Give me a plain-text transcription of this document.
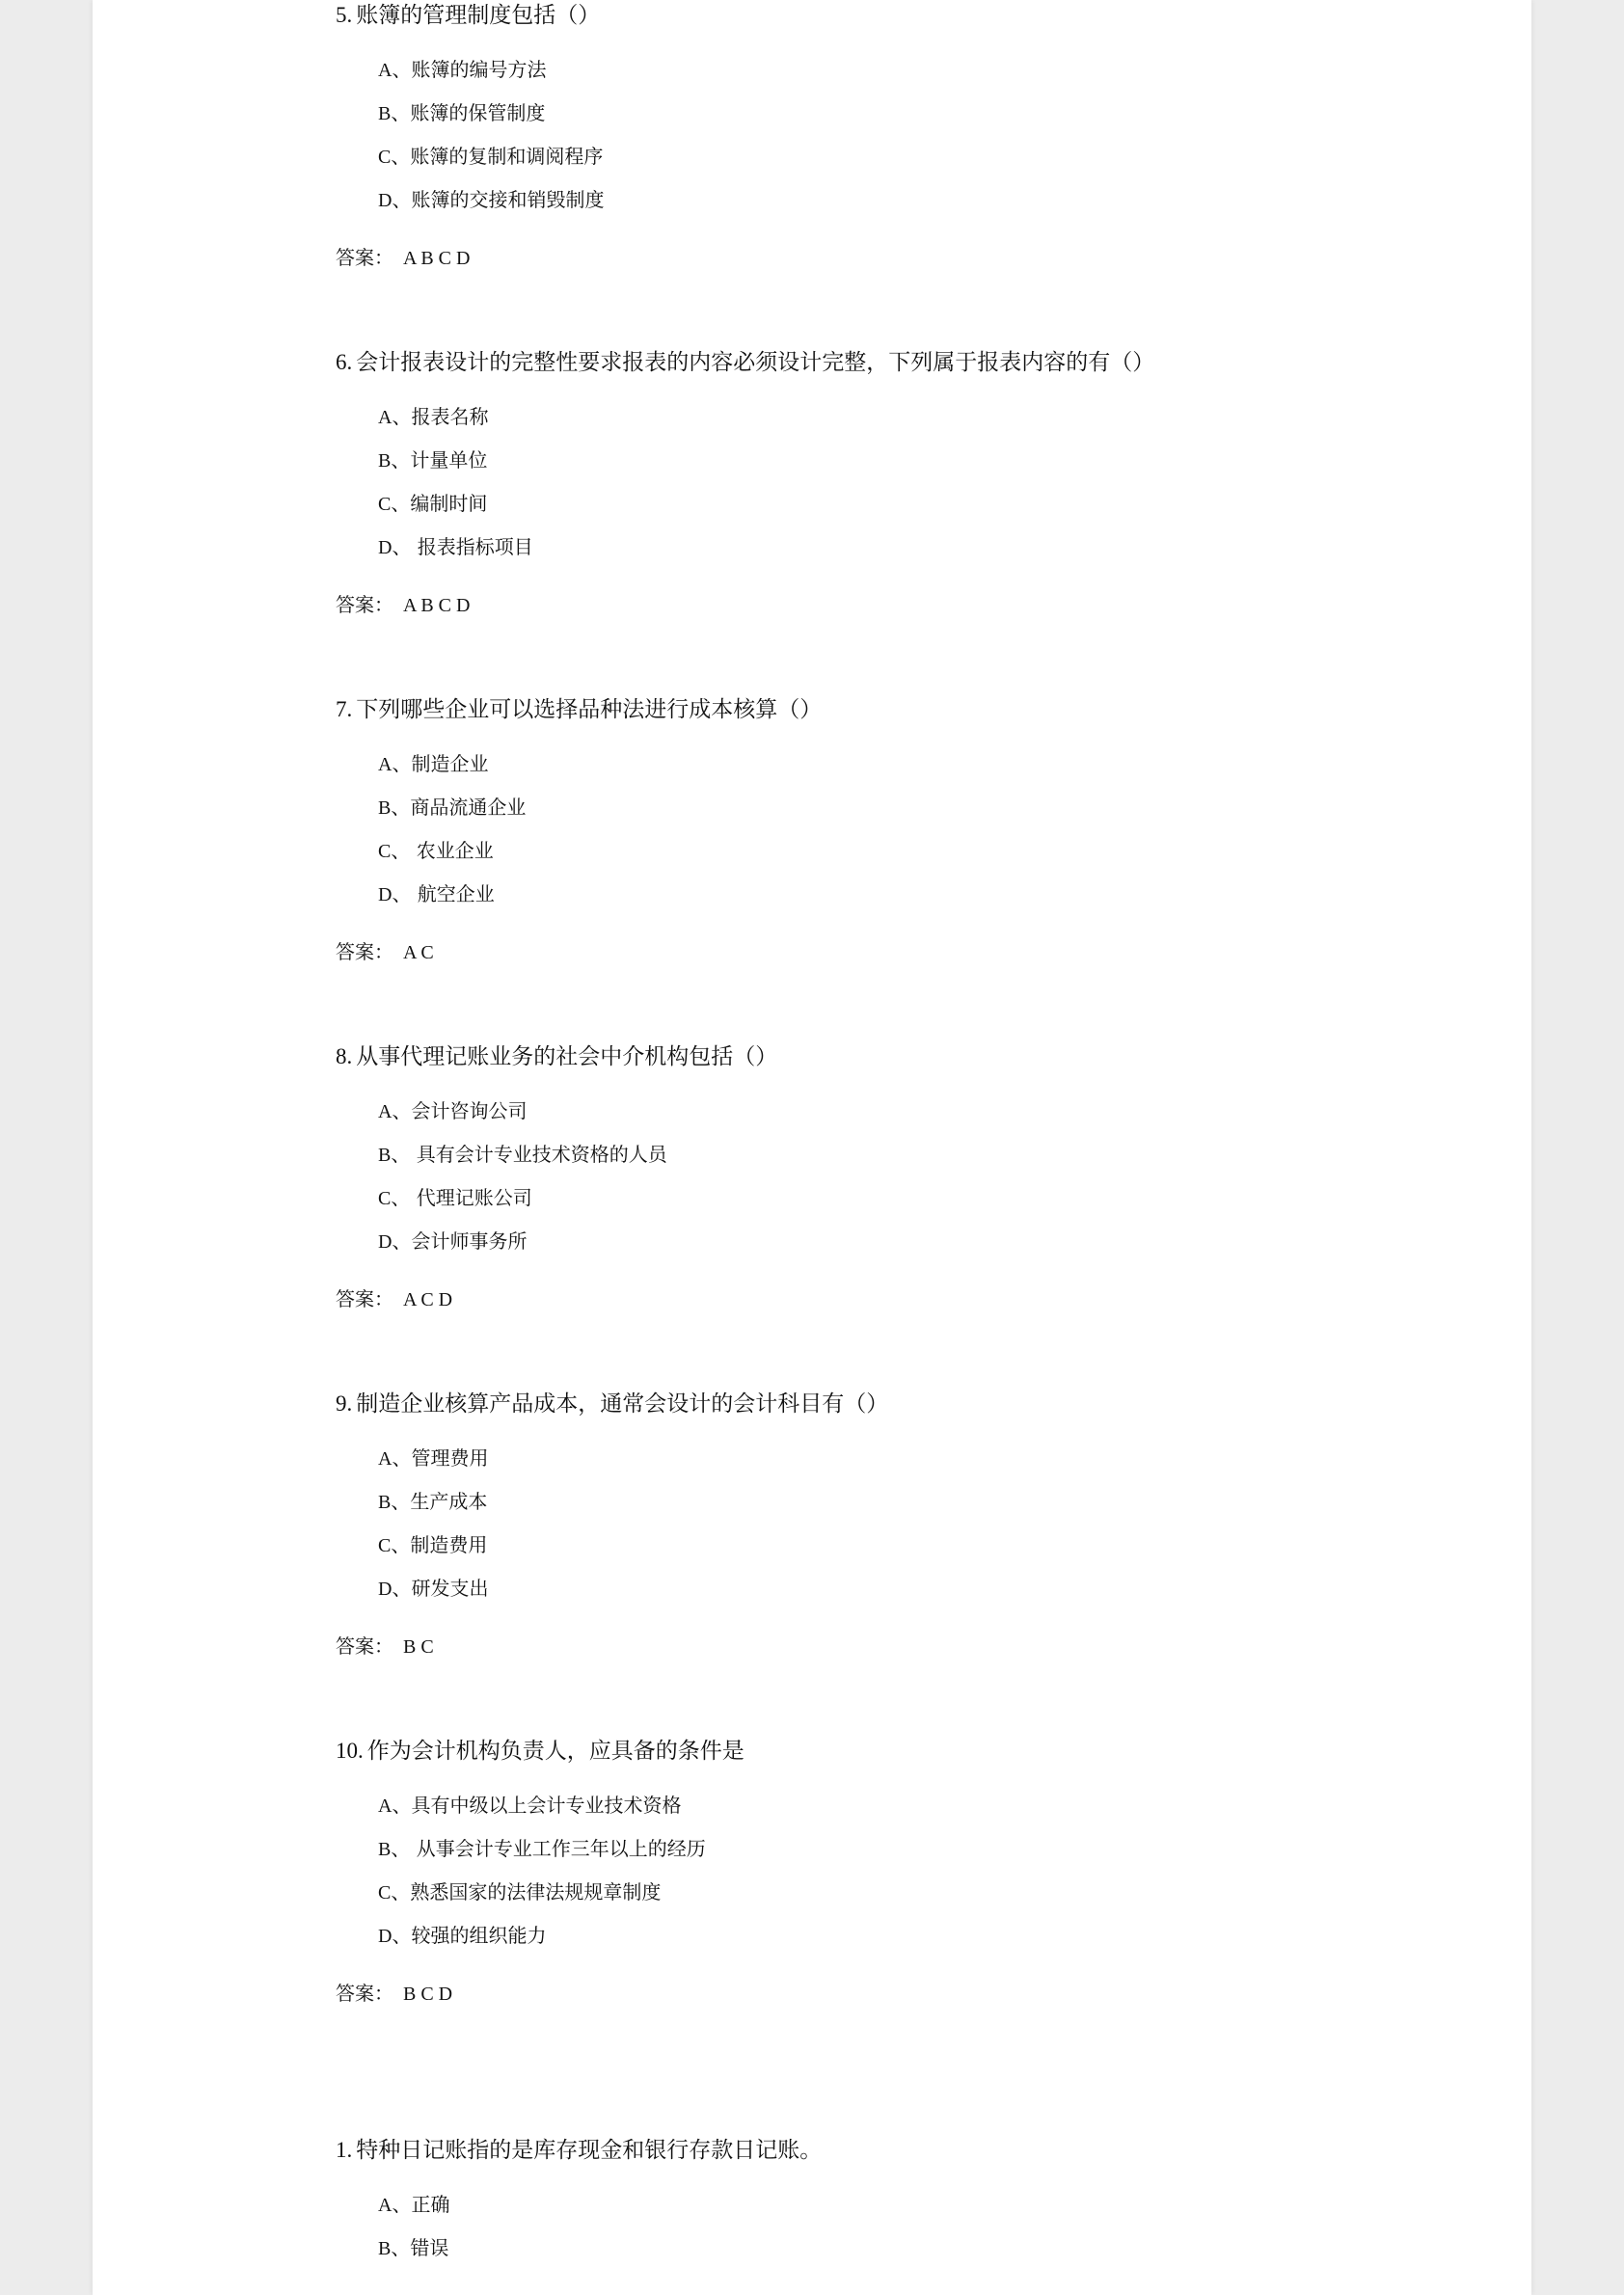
5. 账簿的管理制度包括（）
A、账簿的编号方法
B、账簿的保管制度
C、账簿的复制和调阅程序
D、账簿的交接和销毁制度
答案： A B C D
6. 会计报表设计的完整性要求报表的内容必须设计完整，下列属于报表内容的有（）
A、报表名称
B、计量单位
C、编制时间
D、 报表指标项目
答案： A B C D
7. 下列哪些企业可以选择品种法进行成本核算（）
A、制造企业
B、商品流通企业
C、 农业企业
D、 航空企业
答案： A C
8. 从事代理记账业务的社会中介机构包括（）
A、会计咨询公司
B、 具有会计专业技术资格的人员
C、 代理记账公司
D、会计师事务所
答案： A C D
9. 制造企业核算产品成本，通常会设计的会计科目有（）
A、管理费用
B、生产成本
C、制造费用
D、研发支出
答案： B C
10. 作为会计机构负责人，应具备的条件是
A、具有中级以上会计专业技术资格
B、 从事会计专业工作三年以上的经历
C、熟悉国家的法律法规规章制度
D、较强的组织能力
答案： B C D
1. 特种日记账指的是库存现金和银行存款日记账。
A、正确
B、错误
